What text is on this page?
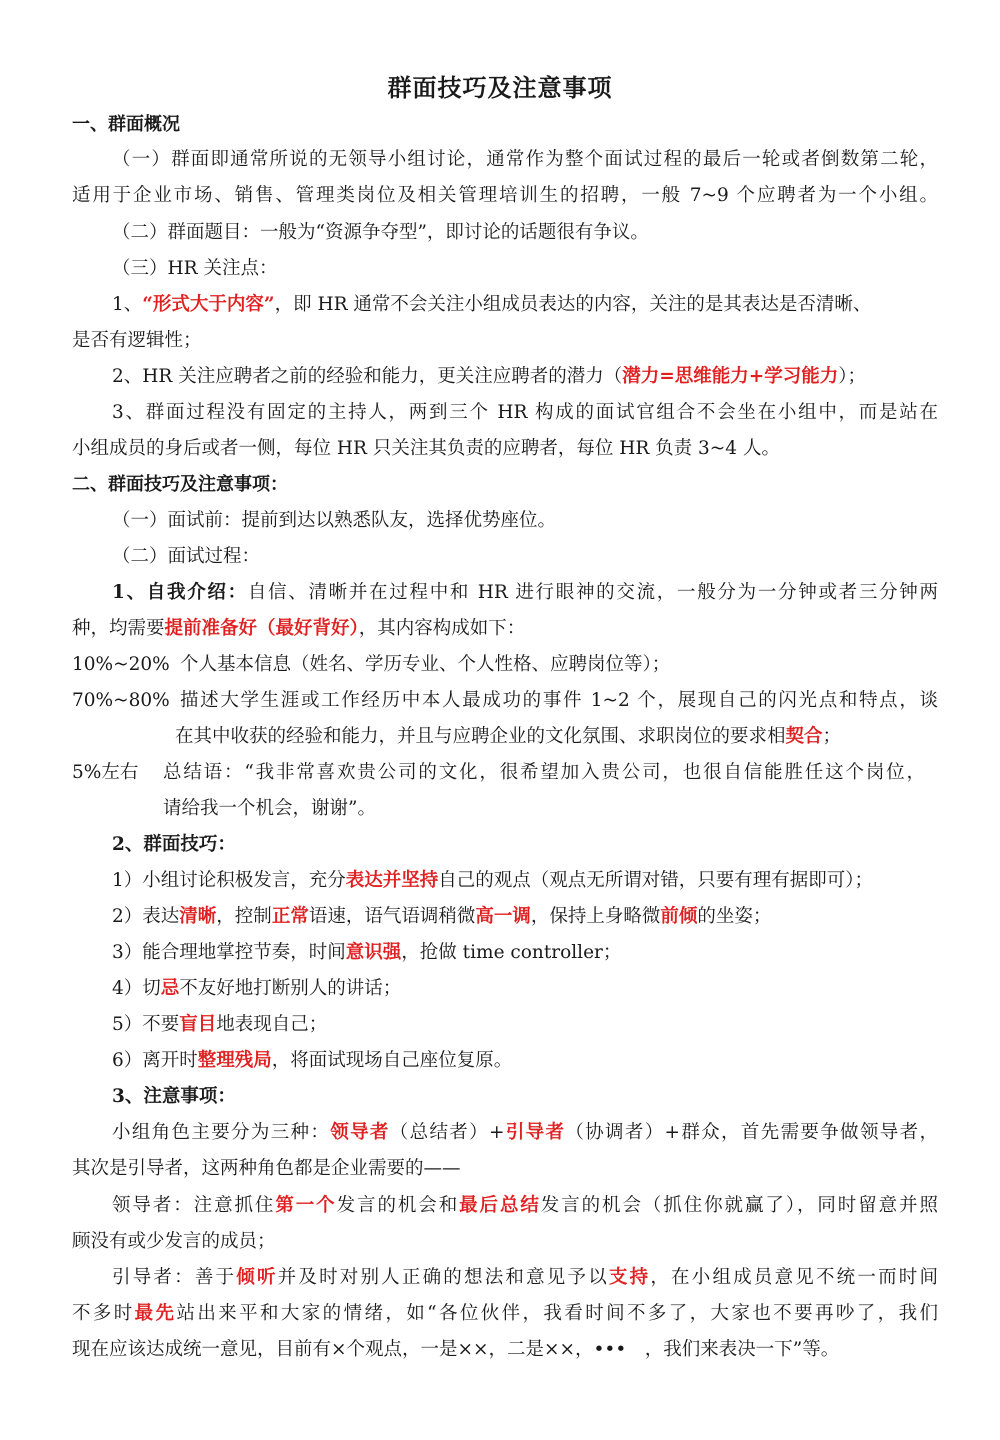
群面技巧及注意事项
一、群面概况
（一）群面即通常所说的无领导小组讨论，通常作为整个面试过程的最后一轮或者倒数第二轮，
适用于企业市场、销售、管理类岗位及相关管理培训生的招聘，一般 7~9 个应聘者为一个小组。
（二）群面题目：一般为“资源争夺型”，即讨论的话题很有争议。
（三）HR 关注点：
1、“形式大于内容”，即 HR 通常不会关注小组成员表达的内容，关注的是其表达是否清晰、
是否有逻辑性；
2、HR 关注应聘者之前的经验和能力，更关注应聘者的潜力（潜力=思维能力+学习能力）；
3、群面过程没有固定的主持人，两到三个 HR 构成的面试官组合不会坐在小组中，而是站在
小组成员的身后或者一侧，每位 HR 只关注其负责的应聘者，每位 HR 负责 3~4 人。
二、群面技巧及注意事项：
（一）面试前：提前到达以熟悉队友，选择优势座位。
（二）面试过程：
1、自我介绍：自信、清晰并在过程中和 HR 进行眼神的交流，一般分为一分钟或者三分钟两
种，均需要提前准备好（最好背好），其内容构成如下：
10%~20% 个人基本信息（姓名、学历专业、个人性格、应聘岗位等）；
70%~80% 描述大学生涯或工作经历中本人最成功的事件 1~2 个，展现自己的闪光点和特点，谈
在其中收获的经验和能力，并且与应聘企业的文化氛围、求职岗位的要求相契合；
5%左右 总结语：“我非常喜欢贵公司的文化，很希望加入贵公司，也很自信能胜任这个岗位，
请给我一个机会，谢谢”。
2、群面技巧：
1）小组讨论积极发言，充分表达并坚持自己的观点（观点无所谓对错，只要有理有据即可）；
2）表达清晰，控制正常语速，语气语调稍微高一调，保持上身略微前倾的坐姿；
3）能合理地掌控节奏，时间意识强，抢做 time controller；
4）切忌不友好地打断别人的讲话；
5）不要盲目地表现自己；
6）离开时整理残局，将面试现场自己座位复原。
3、注意事项：
小组角色主要分为三种：领导者（总结者）+引导者（协调者）+群众，首先需要争做领导者，
其次是引导者，这两种角色都是企业需要的——
领导者：注意抓住第一个发言的机会和最后总结发言的机会（抓住你就赢了），同时留意并照
顾没有或少发言的成员；
引导者：善于倾听并及时对别人正确的想法和意见予以支持，在小组成员意见不统一而时间
不多时最先站出来平和大家的情绪，如“各位伙伴，我看时间不多了，大家也不要再吵了，我们
现在应该达成统一意见，目前有×个观点，一是××，二是××，•••　，我们来表决一下”等。
